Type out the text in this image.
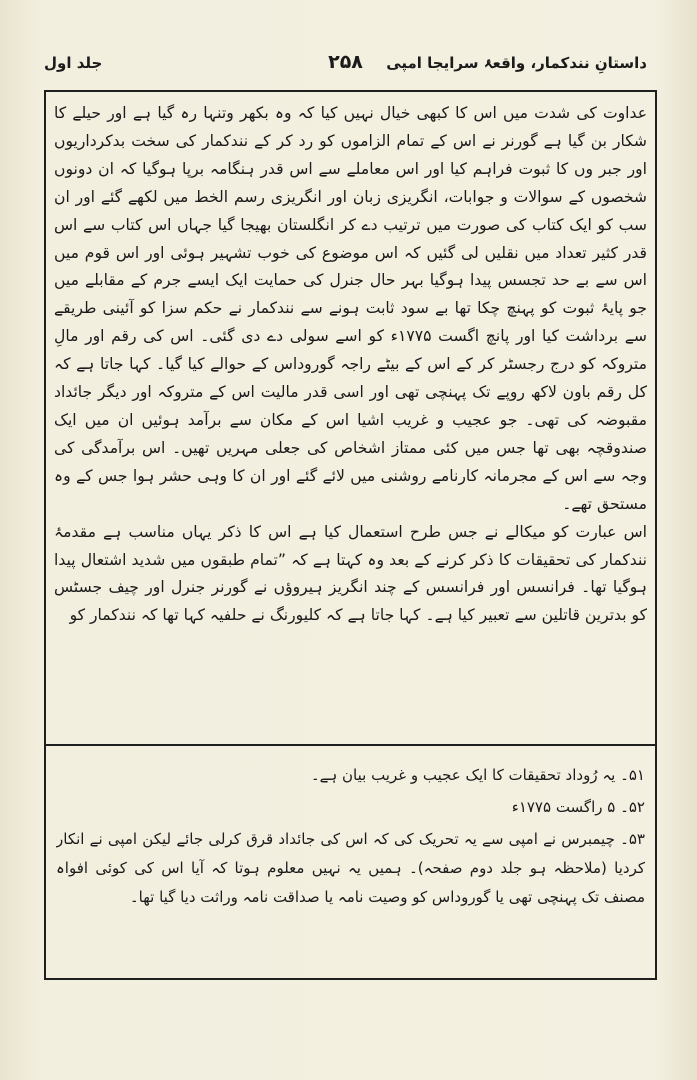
داستانِ نندکمار، واقعۂ سرایجا امپی
۲۵۸
جلد اول

عداوت کی شدت میں اس کا کبھی خیال نہیں کیا کہ وہ بکھر وتنہا رہ گیا ہے اور حیلے کا شکار بن گیا ہے گورنر نے اس کے تمام الزاموں کو رد کر کے نندکمار کی سخت بدکرداریوں اور جبر وں کا ثبوت فراہم کیا اور اس معاملے سے اس قدر ہنگامہ برپا ہوگیا کہ ان دونوں شخصوں کے سوالات و جوابات، انگریزی زبان اور انگریزی رسم الخط میں لکھے گئے اور ان سب کو ایک کتاب کی صورت میں ترتیب دے کر انگلستان بھیجا گیا جہاں اس کتاب سے اس قدر کثیر تعداد میں نقلیں لی گئیں کہ اس موضوع کی خوب تشہیر ہوئی اور اس قوم میں اس سے بے حد تجسس پیدا ہوگیا بہر حال جنرل کی حمایت ایک ایسے جرم کے مقابلے میں جو پایۂ ثبوت کو پہنچ چکا تھا بے سود ثابت ہونے سے نندکمار نے حکم سزا کو آئینی طریقے سے برداشت کیا اور پانچ اگست ۱۷۷۵ء کو اسے سولی دے دی گئی۔ اس کی رقم اور مالِ متروکہ کو درج رجسٹر کر کے اس کے بیٹے راجہ گوروداس کے حوالے کیا گیا۔ کہا جاتا ہے کہ کل رقم باون لاکھ روپے تک پہنچی تھی اور اسی قدر مالیت اس کے متروکہ اور دیگر جائداد مقبوضہ کی تھی۔ جو عجیب و غریب اشیا اس کے مکان سے برآمد ہوئیں ان میں ایک صندوقچہ بھی تھا جس میں کئی ممتاز اشخاص کی جعلی مہریں تھیں۔ اس برآمدگی کی وجہ سے اس کے مجرمانہ کارنامے روشنی میں لائے گئے اور ان کا وہی حشر ہوا جس کے وہ مستحق تھے۔

اس عبارت کو میکالے نے جس طرح استعمال کیا ہے اس کا ذکر یہاں مناسب ہے مقدمۂ نندکمار کی تحقیقات کا ذکر کرنے کے بعد وہ کہتا ہے کہ ”تمام طبقوں میں شدید اشتعال پیدا ہوگیا تھا۔ فرانسس اور فرانسس کے چند انگریز ہیروؤں نے گورنر جنرل اور چیف جسٹس کو بدترین قاتلین سے تعبیر کیا ہے۔ کہا جاتا ہے کہ کلیورنگ نے حلفیہ کہا تھا کہ نندکمار کو

۵۱۔ یہ رُوداد تحقیقات کا ایک عجیب و غریب بیان ہے۔

۵۲۔ ۵ راگست ۱۷۷۵ء

۵۳۔ چیمبرس نے امپی سے یہ تحریک کی کہ اس کی جائداد قرق کرلی جائے لیکن امپی نے انکار کردیا (ملاحظہ ہو جلد دوم صفحہ)۔ ہمیں یہ نہیں معلوم ہوتا کہ آیا اس کی کوئی افواہ مصنف تک پہنچی تھی یا گوروداس کو وصیت نامہ یا صداقت نامہ وراثت دیا گیا تھا۔
